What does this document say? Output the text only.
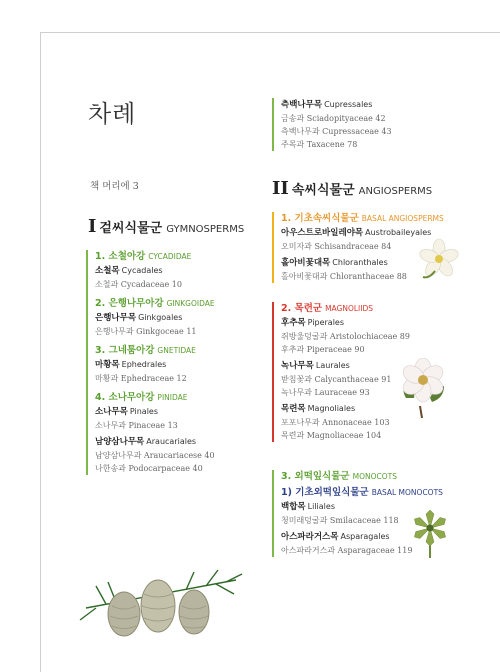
차례
책 머리에 3
측백나무목 Cupressales
금송과 Sciadopityaceae 42
측백나무과 Cupressaceae 43
주목과 Taxacene 78
I 겉씨식물군 GYMNOSPERMS
1. 소철아강 CYCADIDAE
소철목 Cycadales
소철과 Cycadaceae 10
2. 은행나무아강 GINKGOIDAE
은행나무목 Ginkgoales
은행나무과 Ginkgoceae 11
3. 그네툼아강 GNETIDAE
마황목 Ephedrales
마황과 Ephedraceae 12
4. 소나무아강 PINIDAE
소나무목 Pinales
소나무과 Pinaceae 13
남양삼나무목 Araucariales
남양삼나무과 Araucariacese 40
나한송과 Podocarpaceae 40
II 속씨식물군 ANGIOSPERMS
1. 기초속씨식물군 BASAL ANGIOSPERMS
아우스트로바일레야목 Austrobaileyales
오미자과 Schisandraceae 84
홀아비꽃대목 Chloranthales
홀아비꽃대과 Chloranthaceae 88
2. 목련군 MAGNOLIIDS
후추목 Piperales
쥐방울덩굴과 Aristolochiaceae 89
후추과 Piperaceae 90
녹나무목 Laurales
받침꽃과 Calycanthaceae 91
녹나무과 Lauraceae 93
목련목 Magnoliales
포포나무과 Annonaceae 103
목련과 Magnoliaceae 104
3. 외떡잎식물군 MONOCOTS
1) 기초외떡잎식물군 BASAL MONOCOTS
백합목 Liliales
청미래덩굴과 Smilacaceae 118
아스파라거스목 Asparagales
아스파라거스과 Asparagaceae 119
